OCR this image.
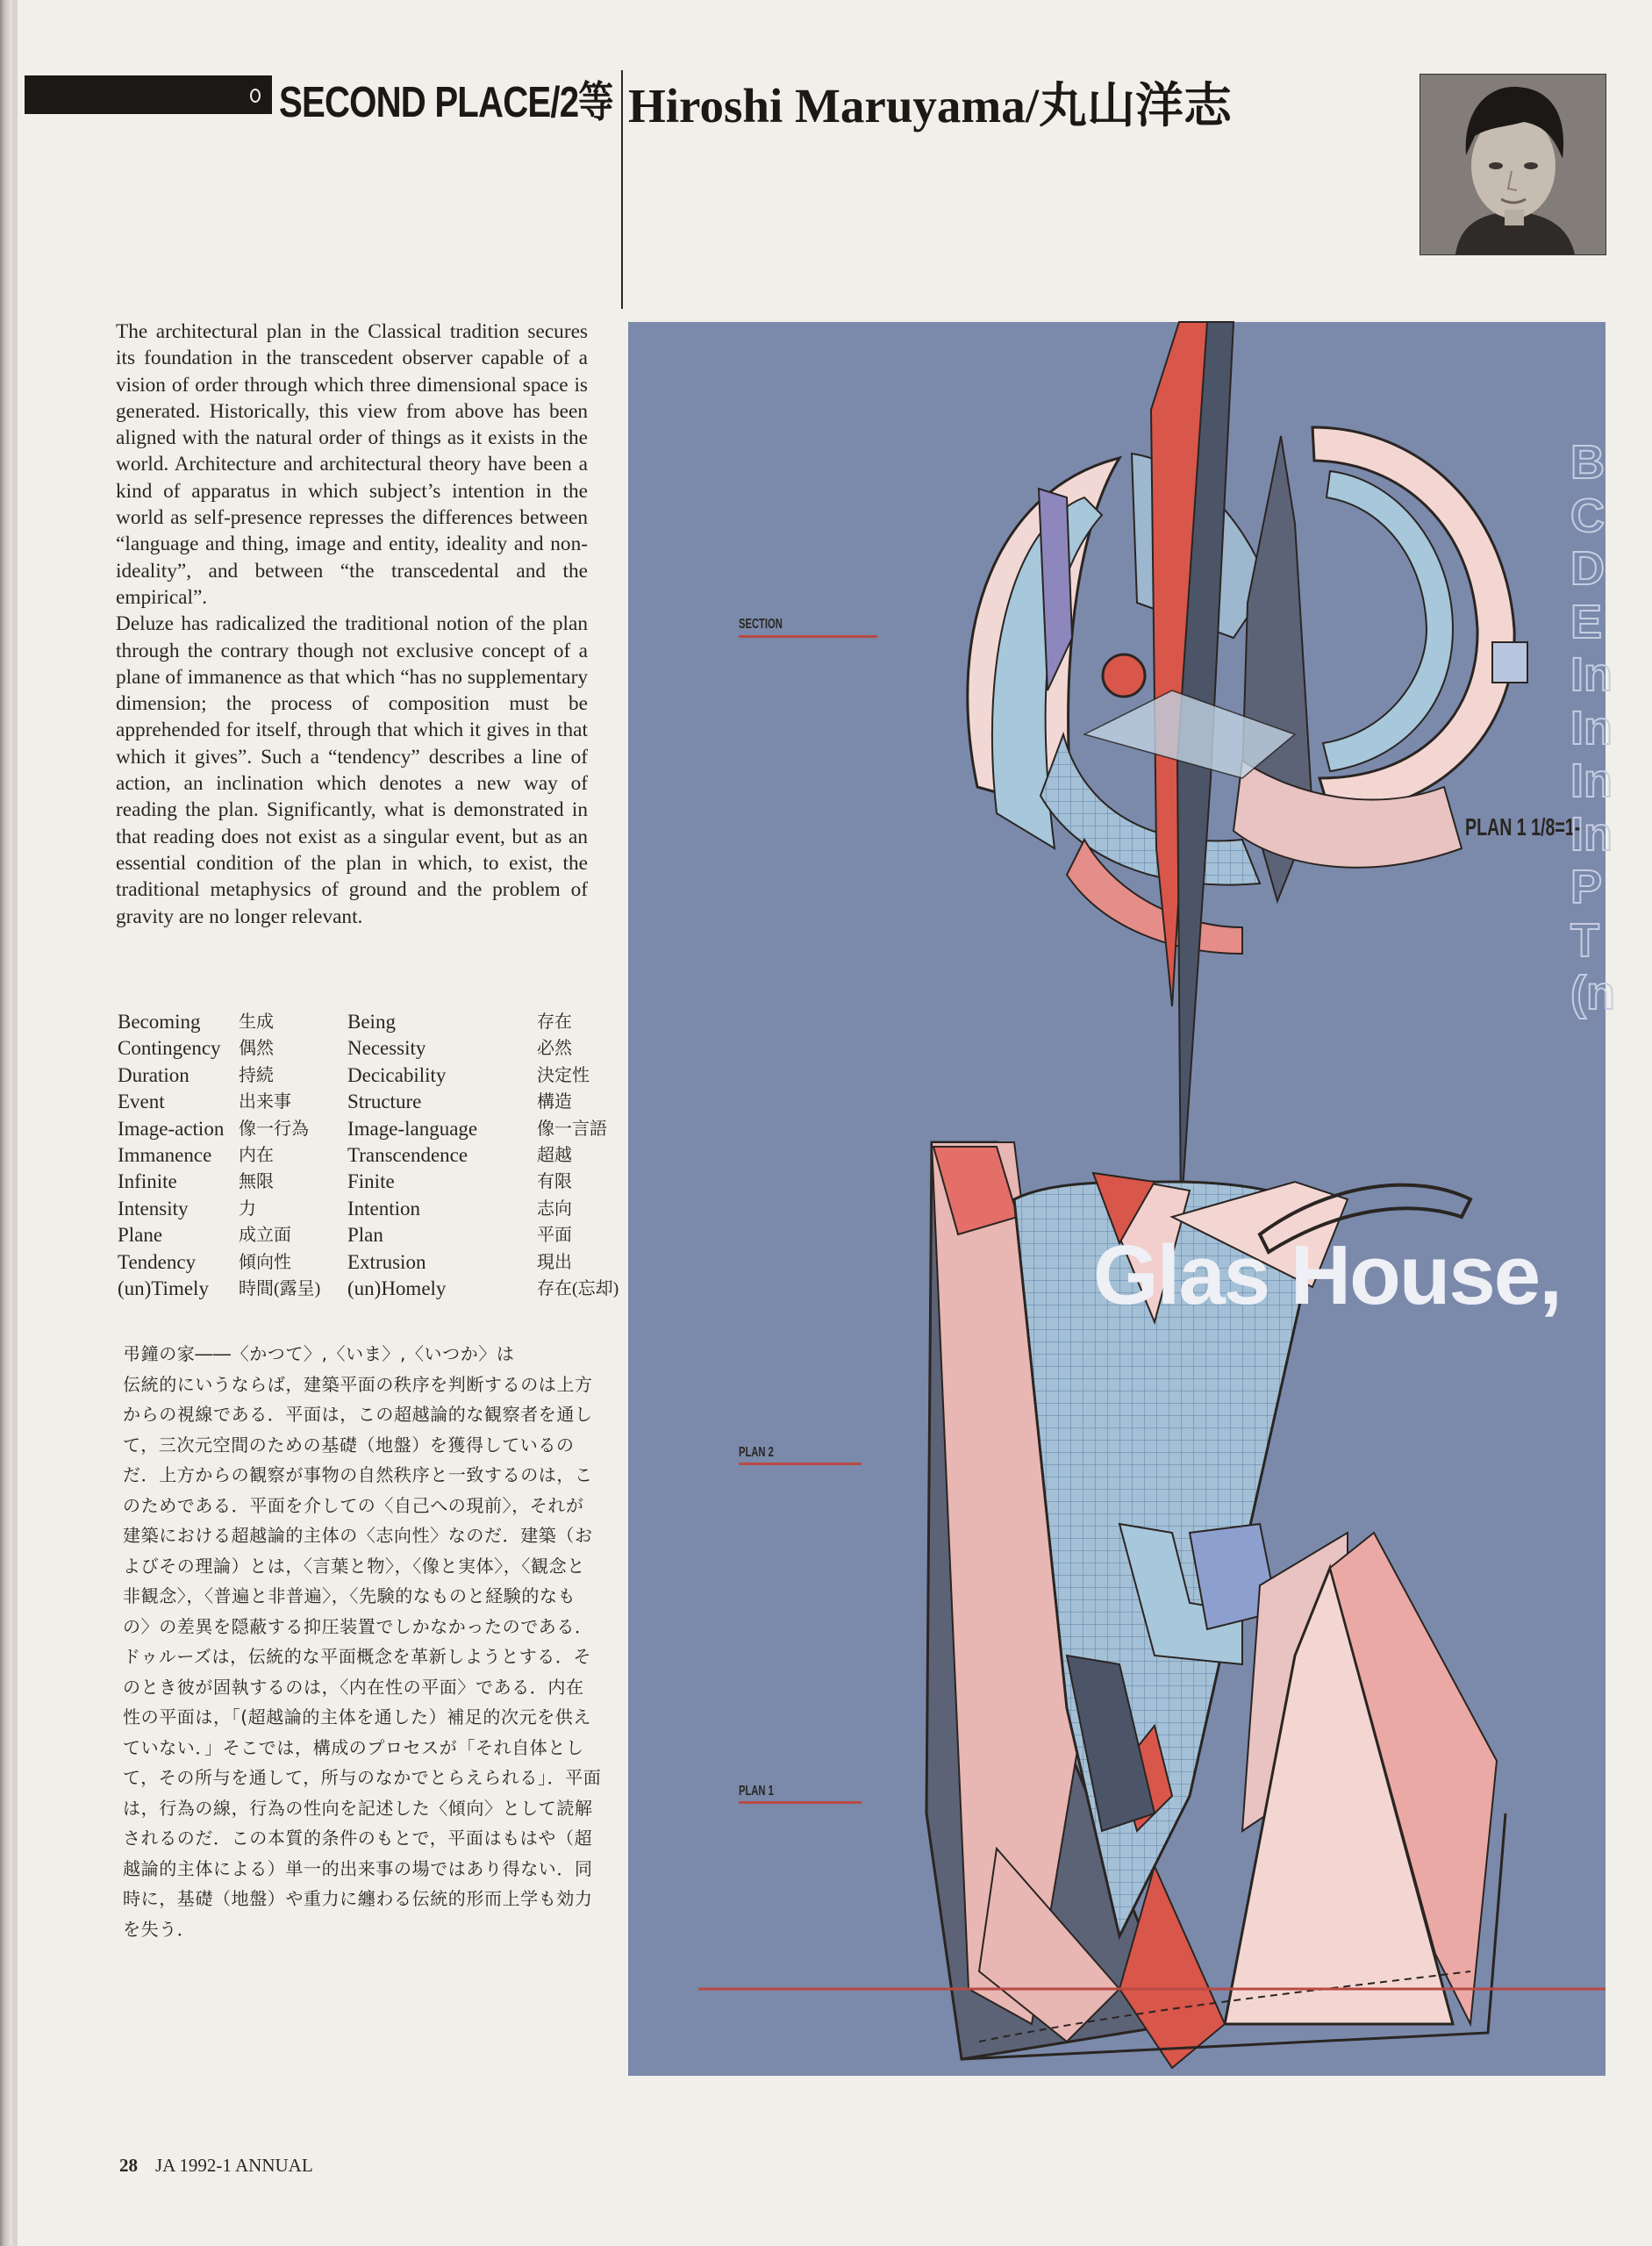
SECOND PLACE/2等 Hiroshi Maruyama/丸山洋志

The architectural plan in the Classical tradition secures its foundation in the transcedent observer capable of a vision of order through which three dimensional space is generated. Historically, this view from above has been aligned with the natural order of things as it exists in the world. Architecture and architectural theory have been a kind of apparatus in which subject’s intention in the world as self-presence represses the differences between “language and thing, image and entity, ideality and non-ideality”, and between “the transcedental and the empirical”.

Deluze has radicalized the traditional notion of the plan through the contrary though not exclusive concept of a plane of immanence as that which “has no supplementary dimension; the process of composition must be apprehended for itself, through that which it gives in that which it gives”. Such a “tendency” describes a line of action, an inclination which denotes a new way of reading the plan. Significantly, what is demonstrated in that reading does not exist as a singular event, but as an essential condition of the plan in which, to exist, the traditional metaphysics of ground and the problem of gravity are no longer relevant.

Becoming 生成	Being	存在
Contingency 偶然	Necessity	必然
Duration	持続	Decicability	決定性
Event	出来事	Structure	構造
Image-action 像一行為 Image-language	像一言語
Immanence 内在	Transcendence	超越
Infinite	無限	Finite	有限
Intensity	力	Intention	志向
Plane	成立面	Plan	平面
Tendency 傾向性	Extrusion	現出
(un)Timely 時間(露呈) (un)Homely	存在(忘却)

弔鐘の家――〈かつて〉,〈いま〉,〈いつか〉は

伝統的にいうならば，建築平面の秩序を判断するのは上方からの視線である．平面は，この超越論的な観察者を通して，三次元空間のための基礎（地盤）を獲得しているのだ．上方からの観察が事物の自然秩序と一致するのは，このためである．平面を介しての〈自己への現前〉，それが建築における超越論的主体の〈志向性〉なのだ．建築（およびその理論）とは，〈言葉と物〉，〈像と実体〉，〈観念と非観念〉，〈普遍と非普遍〉，〈先験的なものと経験的なもの〉の差異を隠蔽する抑圧装置でしかなかったのである．

ドゥルーズは，伝統的な平面概念を革新しようとする．そのとき彼が固執するのは，〈内在性の平面〉である．内在性の平面は，「(超越論的主体を通した）補足的次元を供えていない．」そこでは，構成のプロセスが「それ自体として，その所与を通して，所与のなかでとらえられる」．平面は，行為の線，行為の性向を記述した〈傾向〉として読解されるのだ．この本質的条件のもとで，平面はもはや（超越論的主体による）単一的出来事の場ではあり得ない．同時に，基礎（地盤）や重力に纏わる伝統的形而上学も効力を失う．

28 JA 1992-1 ANNUAL
SECTION
PLAN 2
PLAN 1
PLAN 1 1/8=1-
Glas House,
B
C
D
E
In
In
In
In
P
T
(n
